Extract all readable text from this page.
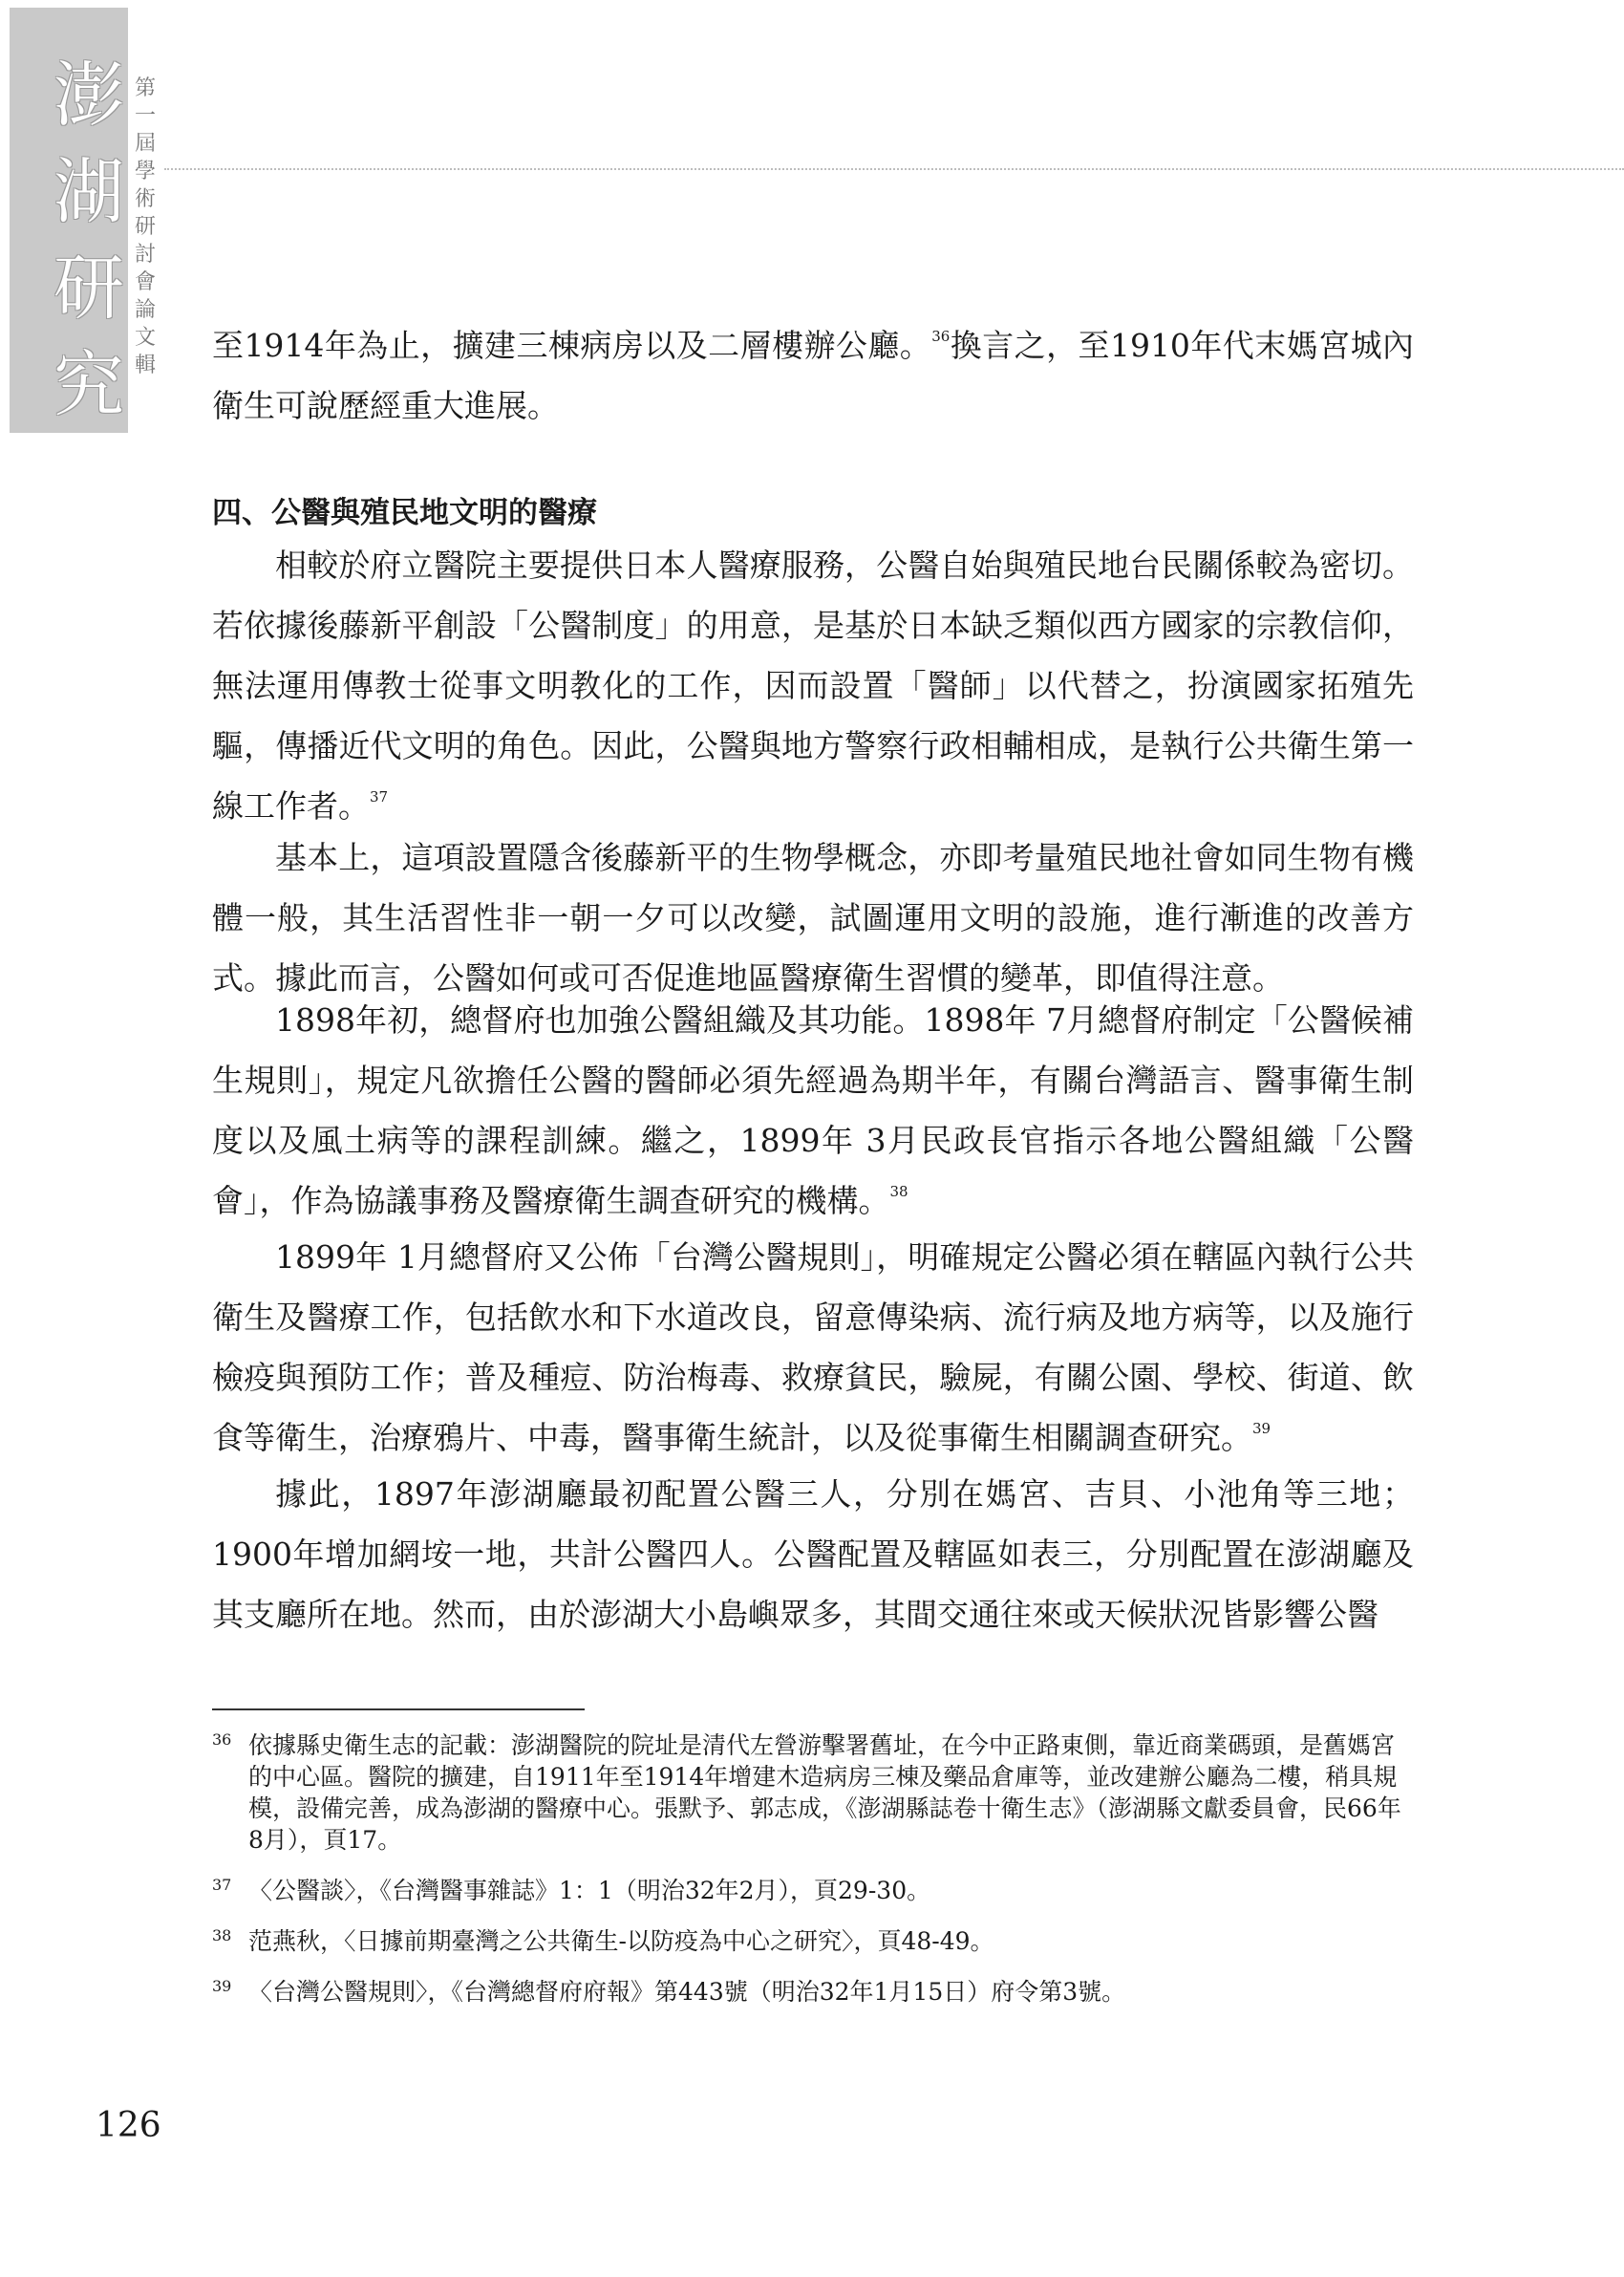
澎
湖
研
究
第
一
屆
學
術
研
討
會
論
文
輯

至1914年為止，擴建三棟病房以及二層樓辦公廳。$^{36}$換言之，至1910年代末媽宮城內衛生可說歷經重大進展。

四、公醫與殖民地文明的醫療

相較於府立醫院主要提供日本人醫療服務，公醫自始與殖民地台民關係較為密切。若依據後藤新平創設「公醫制度」的用意，是基於日本缺乏類似西方國家的宗教信仰，無法運用傳教士從事文明教化的工作，因而設置「醫師」以代替之，扮演國家拓殖先驅，傳播近代文明的角色。因此，公醫與地方警察行政相輔相成，是執行公共衛生第一線工作者。$^{37}$

基本上，這項設置隱含後藤新平的生物學概念，亦即考量殖民地社會如同生物有機體一般，其生活習性非一朝一夕可以改變，試圖運用文明的設施，進行漸進的改善方式。據此而言，公醫如何或可否促進地區醫療衛生習慣的變革，即值得注意。

1898年初，總督府也加強公醫組織及其功能。1898年 7月總督府制定「公醫候補生規則」，規定凡欲擔任公醫的醫師必須先經過為期半年，有關台灣語言、醫事衛生制度以及風土病等的課程訓練。繼之，1899年 3月民政長官指示各地公醫組織「公醫會」，作為協議事務及醫療衛生調查研究的機構。$^{38}$

1899年 1月總督府又公佈「台灣公醫規則」，明確規定公醫必須在轄區內執行公共衛生及醫療工作，包括飲水和下水道改良，留意傳染病、流行病及地方病等，以及施行檢疫與預防工作；普及種痘、防治梅毒、救療貧民，驗屍，有關公園、學校、街道、飲食等衛生，治療鴉片、中毒，醫事衛生統計，以及從事衛生相關調查研究。$^{39}$

據此，1897年澎湖廳最初配置公醫三人，分別在媽宮、吉貝、小池角等三地；1900年增加網垵一地，共計公醫四人。公醫配置及轄區如表三，分別配置在澎湖廳及其支廳所在地。然而，由於澎湖大小島嶼眾多，其間交通往來或天候狀況皆影響公醫

36 依據縣史衛生志的記載：澎湖醫院的院址是清代左營游擊署舊址，在今中正路東側，靠近商業碼頭，是舊媽宮的中心區。醫院的擴建，自1911年至1914年增建木造病房三棟及藥品倉庫等，並改建辦公廳為二樓，稍具規模，設備完善，成為澎湖的醫療中心。張默予、郭志成，《澎湖縣誌卷十衛生志》（澎湖縣文獻委員會，民66年8月），頁17。

37 〈公醫談〉，《台灣醫事雜誌》1：1（明治32年2月），頁29-30。

38 范燕秋，〈日據前期臺灣之公共衛生-以防疫為中心之研究〉，頁48-49。

39 〈台灣公醫規則〉，《台灣總督府府報》第443號（明治32年1月15日）府令第3號。

126
